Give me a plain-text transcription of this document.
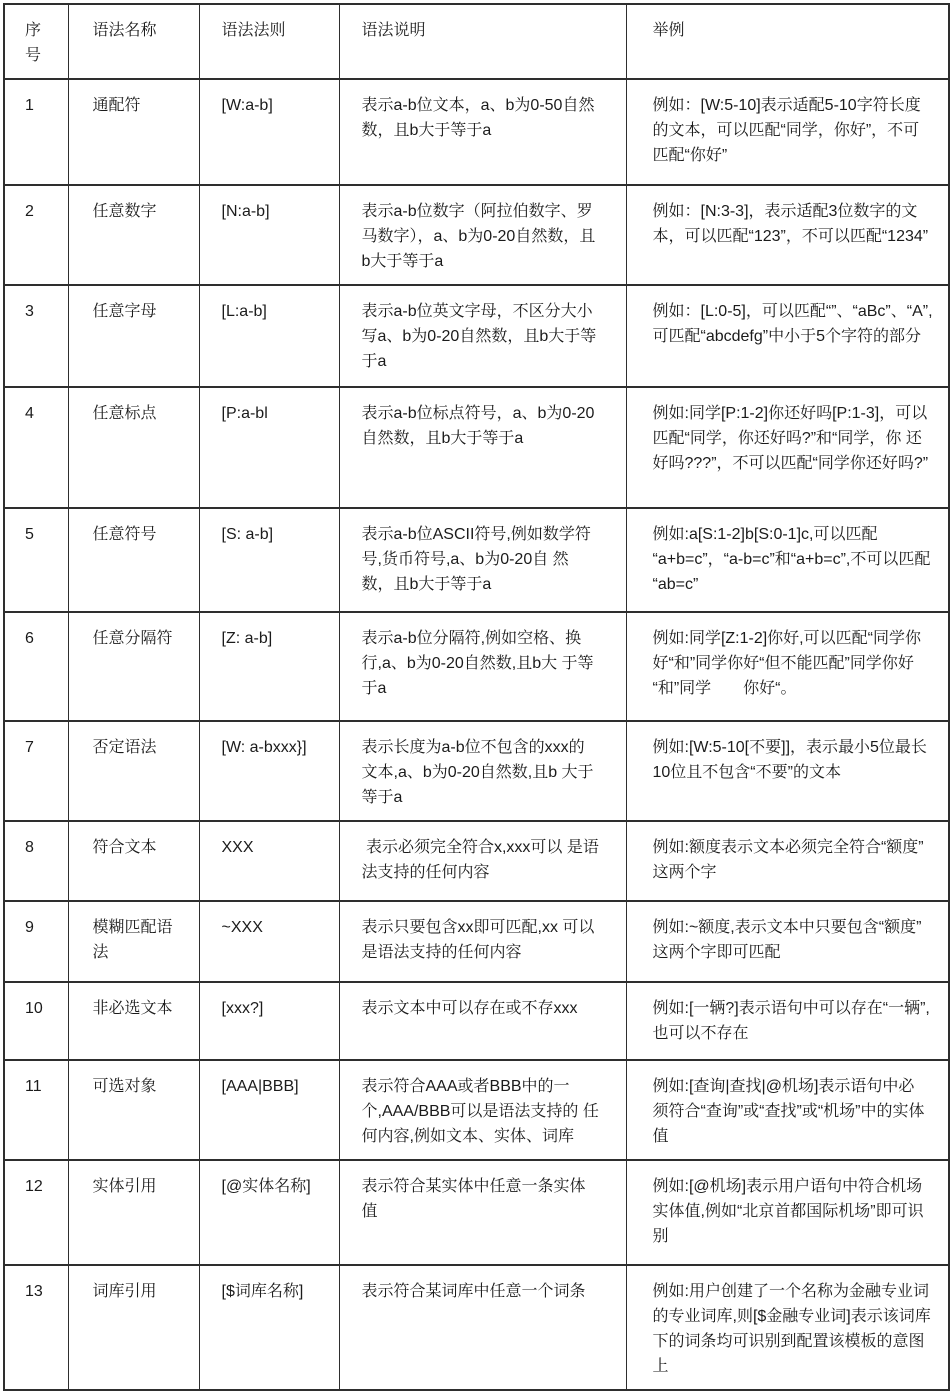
序号	语法名称	语法法则	语法说明	举例
1	通配符	[W:a-b]	表示a-b位文本，a、b为0-50自然数，且b大于等于a	例如：[W:5-10]表示适配5-10字符长度的文本，可以匹配“同学，你好”，不可匹配“你好”
2	任意数字	[N:a-b]	表示a-b位数字（阿拉伯数字、罗马数字），a、b为0-20自然数，且b大于等于a	例如：[N:3-3]，表示适配3位数字的文本，可以匹配“123”，不可以匹配“1234”
3	任意字母	[L:a-b]	表示a-b位英文字母，不区分大小写a、b为0-20自然数，且b大于等于a	例如：[L:0-5]，可以匹配“”、“aBc”、“A”,可匹配“abcdefg”中小于5个字符的部分
4	任意标点	[P:a-bl	表示a-b位标点符号，a、b为0-20自然数，且b大于等于a	例如:同学[P:1-2]你还好吗[P:1-3]，可以匹配“同学，你还好吗?”和“同学，你 还好吗???”，不可以匹配“同学你还好吗?”
5	任意符号	[S: a-b]	表示a-b位ASCII符号,例如数学符号,货币符号,a、b为0-20自 然数，且b大于等于a	例如:a[S:1-2]b[S:0-1]c,可以匹配“a+b=c”，“a-b=c”和“a+b=c”,不可以匹配“ab=c”
6	任意分隔符	[Z: a-b]	表示a-b位分隔符,例如空格、换行,a、b为0-20自然数,且b大 于等于a	例如:同学[Z:1-2]你好,可以匹配“同学你好“和”同学你好“但不能匹配”同学你好“和”同学　　你好“。
7	否定语法	[W: a-bxxx}]	表示长度为a-b位不包含的xxx的文本,a、b为0-20自然数,且b 大于等于a	例如:[W:5-10[不要]]，表示最小5位最长10位且不包含“不要”的文本
8	符合文本	XXX	表示必须完全符合x,xxx可以 是语法支持的任何内容	例如:额度表示文本必须完全符合“额度”这两个字
9	模糊匹配语法	~XXX	表示只要包含xx即可匹配,xx 可以是语法支持的任何内容	例如:~额度,表示文本中只要包含“额度”这两个字即可匹配
10	非必选文本	[xxx?]	表示文本中可以存在或不存xxx	例如:[一辆?]表示语句中可以存在“一辆”,也可以不存在
11	可选对象	[AAA|BBB]	表示符合AAA或者BBB中的一个,AAA/BBB可以是语法支持的 任何内容,例如文本、实体、词库	例如:[查询|查找|@机场]表示语句中必 须符合“查询”或“查找”或“机场”中的实体值
12	实体引用	[@实体名称]	表示符合某实体中任意一条实体值	例如:[@机场]表示用户语句中符合机场实体值,例如“北京首都国际机场”即可识别
13	词库引用	[$词库名称]	表示符合某词库中任意一个词条	例如:用户创建了一个名称为金融专业词的专业词库,则[$金融专业词]表示该词库下的词条均可识别到配置该模板的意图上
